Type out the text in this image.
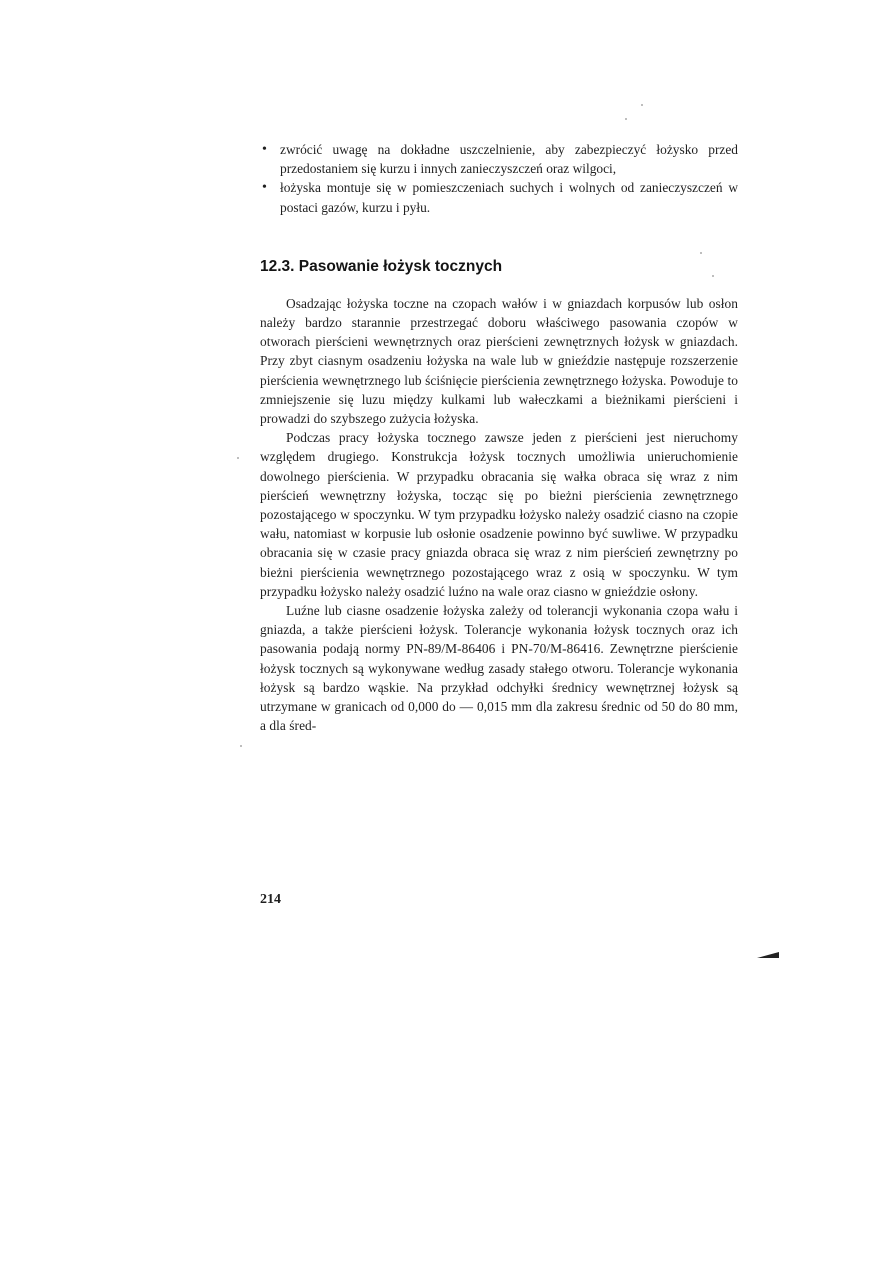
• zwrócić uwagę na dokładne uszczelnienie, aby zabezpieczyć łożysko przed przedostaniem się kurzu i innych zanieczyszczeń oraz wilgoci,
• łożyska montuje się w pomieszczeniach suchych i wolnych od zanieczyszczeń w postaci gazów, kurzu i pyłu.
12.3. Pasowanie łożysk tocznych

Osadzając łożyska toczne na czopach wałów i w gniazdach korpusów lub osłon należy bardzo starannie przestrzegać doboru właściwego pasowania czopów w otworach pierścieni wewnętrznych oraz pierścieni zewnętrznych łożysk w gniazdach. Przy zbyt ciasnym osadzeniu łożyska na wale lub w gnieździe następuje rozszerzenie pierścienia wewnętrznego lub ściśnięcie pierścienia zewnętrznego łożyska. Powoduje to zmniejszenie się luzu między kulkami lub wałeczkami a bieżnikami pierścieni i prowadzi do szybszego zużycia łożyska.

Podczas pracy łożyska tocznego zawsze jeden z pierścieni jest nieruchomy względem drugiego. Konstrukcja łożysk tocznych umożliwia unieruchomienie dowolnego pierścienia. W przypadku obracania się wałka obraca się wraz z nim pierścień wewnętrzny łożyska, tocząc się po bieżni pierścienia zewnętrznego pozostającego w spoczynku. W tym przypadku łożysko należy osadzić ciasno na czopie wału, natomiast w korpusie lub osłonie osadzenie powinno być suwliwe. W przypadku obracania się w czasie pracy gniazda obraca się wraz z nim pierścień zewnętrzny po bieżni pierścienia wewnętrznego pozostającego wraz z osią w spoczynku. W tym przypadku łożysko należy osadzić luźno na wale oraz ciasno w gnieździe osłony.

Luźne lub ciasne osadzenie łożyska zależy od tolerancji wykonania czopa wału i gniazda, a także pierścieni łożysk. Tolerancje wykonania łożysk tocznych oraz ich pasowania podają normy PN-89/M-86406 i PN-70/M-86416. Zewnętrzne pierścienie łożysk tocznych są wykonywane według zasady stałego otworu. Tolerancje wykonania łożysk są bardzo wąskie. Na przykład odchyłki średnicy wewnętrznej łożysk są utrzymane w granicach od 0,000 do — 0,015 mm dla zakresu średnic od 50 do 80 mm, a dla śred-

214
